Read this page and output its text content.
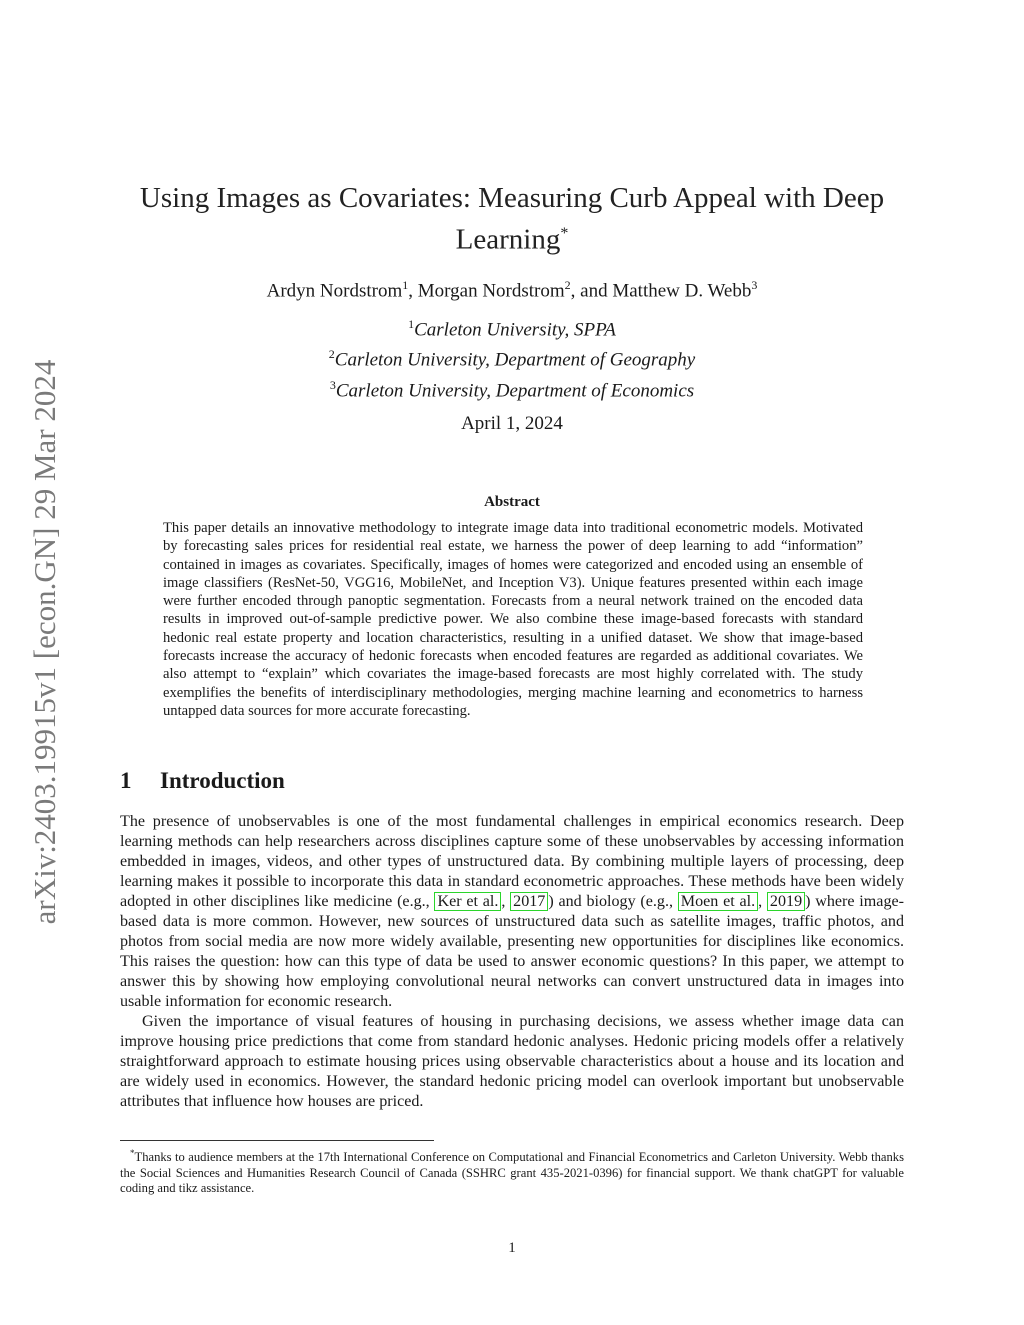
arXiv:2403.19915v1 [econ.GN] 29 Mar 2024
Using Images as Covariates: Measuring Curb Appeal with Deep
Learning*
Ardyn Nordstrom$^1$, Morgan Nordstrom$^2$, and Matthew D. Webb$^3$
$^1$Carleton University, SPPA
$^2$Carleton University, Department of Geography
$^3$Carleton University, Department of Economics
April 1, 2024
Abstract
This paper details an innovative methodology to integrate image data into traditional econometric models. Motivated by forecasting sales prices for residential real estate, we harness the power of deep learning to add “information” contained in images as covariates. Specifically, images of homes were categorized and encoded using an ensemble of image classifiers (ResNet-50, VGG16, MobileNet, and Inception V3). Unique features presented within each image were further encoded through panoptic segmentation. Forecasts from a neural network trained on the encoded data results in improved out-of-sample predictive power. We also combine these image-based forecasts with standard hedonic real estate property and location characteristics, resulting in a unified dataset. We show that image-based forecasts increase the accuracy of hedonic forecasts when encoded features are regarded as additional covariates. We also attempt to “explain” which covariates the image-based forecasts are most highly correlated with. The study exemplifies the benefits of interdisciplinary methodologies, merging machine learning and econometrics to harness untapped data sources for more accurate forecasting.
1 Introduction

The presence of unobservables is one of the most fundamental challenges in empirical economics research. Deep learning methods can help researchers across disciplines capture some of these unobservables by accessing information embedded in images, videos, and other types of unstructured data. By combining multiple layers of processing, deep learning makes it possible to incorporate this data in standard econometric approaches. These methods have been widely adopted in other disciplines like medicine (e.g., Ker et al. , 2017 ) and biology (e.g., Moen et al. , 2019 ) where image-based data is more common. However, new sources of unstructured data such as satellite images, traffic photos, and photos from social media are now more widely available, presenting new opportunities for disciplines like economics. This raises the question: how can this type of data be used to answer economic questions? In this paper, we attempt to answer this by showing how employing convolutional neural networks can convert unstructured data in images into usable information for economic research.

Given the importance of visual features of housing in purchasing decisions, we assess whether image data can improve housing price predictions that come from standard hedonic analyses. Hedonic pricing models offer a relatively straightforward approach to estimate housing prices using observable characteristics about a house and its location and are widely used in economics. However, the standard hedonic pricing model can overlook important but unobservable attributes that influence how houses are priced.

*Thanks to audience members at the 17th International Conference on Computational and Financial Econometrics and Carleton University. Webb thanks the Social Sciences and Humanities Research Council of Canada (SSHRC grant 435-2021-0396) for financial support. We thank chatGPT for valuable coding and tikz assistance.
1
